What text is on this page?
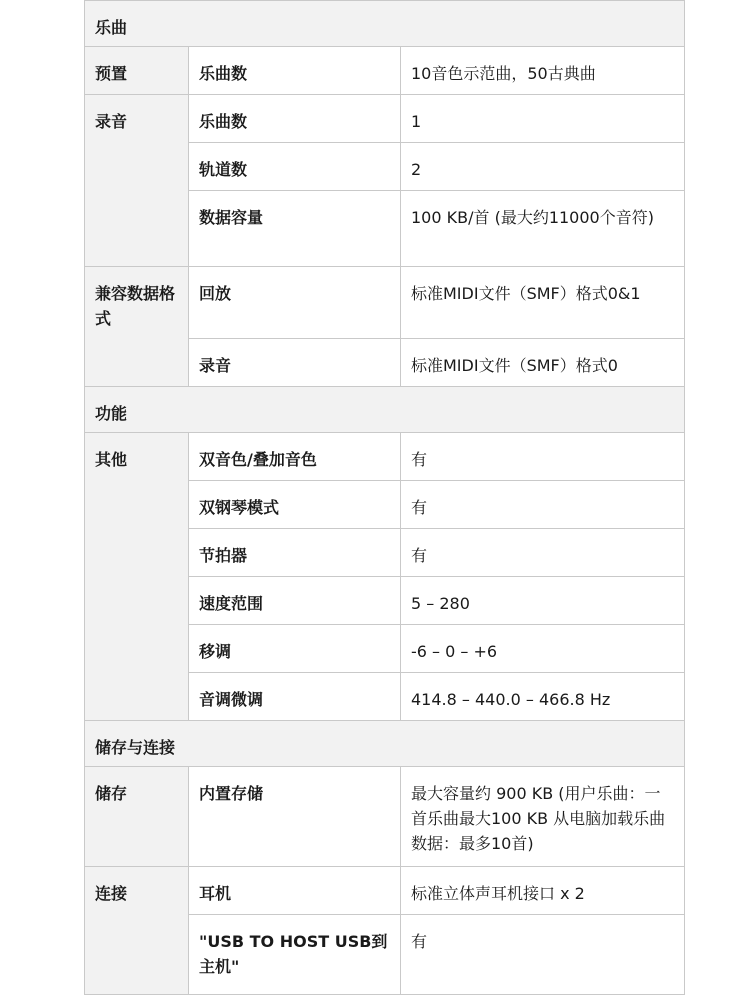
乐曲		
预置	乐曲数	10音色示范曲，50古典曲
录音	乐曲数	1
	轨道数	2
	数据容量	100 KB/首 (最大约11000个音符)
兼容数据格式	回放	标准MIDI文件（SMF）格式0&1
	录音	标准MIDI文件（SMF）格式0
功能		
其他	双音色/叠加音色	有
	双钢琴模式	有
	节拍器	有
	速度范围	5 – 280
	移调	-6 – 0 – +6
	音调微调	414.8 – 440.0 – 466.8 Hz
储存与连接		
储存	内置存储	最大容量约 900 KB (用户乐曲：一首乐曲最大100 KB 从电脑加载乐曲数据：最多10首)
连接	耳机	标准立体声耳机接口 x 2
	"USB TO HOST USB到主机"	有
